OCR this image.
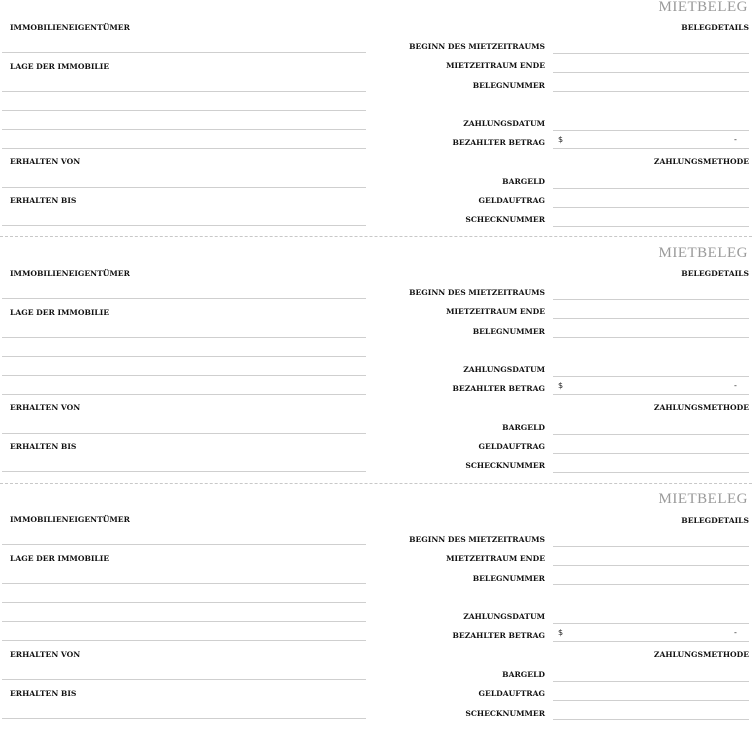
MIETBELEG
IMMOBILIENEIGENTÜMER
LAGE DER IMMOBILIE
ERHALTEN VON
ERHALTEN BIS
BELEGDETAILS
BEGINN DES MIETZEITRAUMS
MIETZEITRAUM ENDE
BELEGNUMMER
ZAHLUNGSDATUM
BEZAHLTER BETRAG $	-
ZAHLUNGSMETHODE
BARGELD
GELDAUFTRAG
SCHECKNUMMER
MIETBELEG
IMMOBILIENEIGENTÜMER
LAGE DER IMMOBILIE
ERHALTEN VON
ERHALTEN BIS
BELEGDETAILS
BEGINN DES MIETZEITRAUMS
MIETZEITRAUM ENDE
BELEGNUMMER
ZAHLUNGSDATUM
BEZAHLTER BETRAG $	-
ZAHLUNGSMETHODE
BARGELD
GELDAUFTRAG
SCHECKNUMMER
MIETBELEG
IMMOBILIENEIGENTÜMER
LAGE DER IMMOBILIE
ERHALTEN VON
ERHALTEN BIS
BELEGDETAILS
BEGINN DES MIETZEITRAUMS
MIETZEITRAUM ENDE
BELEGNUMMER
ZAHLUNGSDATUM
BEZAHLTER BETRAG $	-
ZAHLUNGSMETHODE
BARGELD
GELDAUFTRAG
SCHECKNUMMER
